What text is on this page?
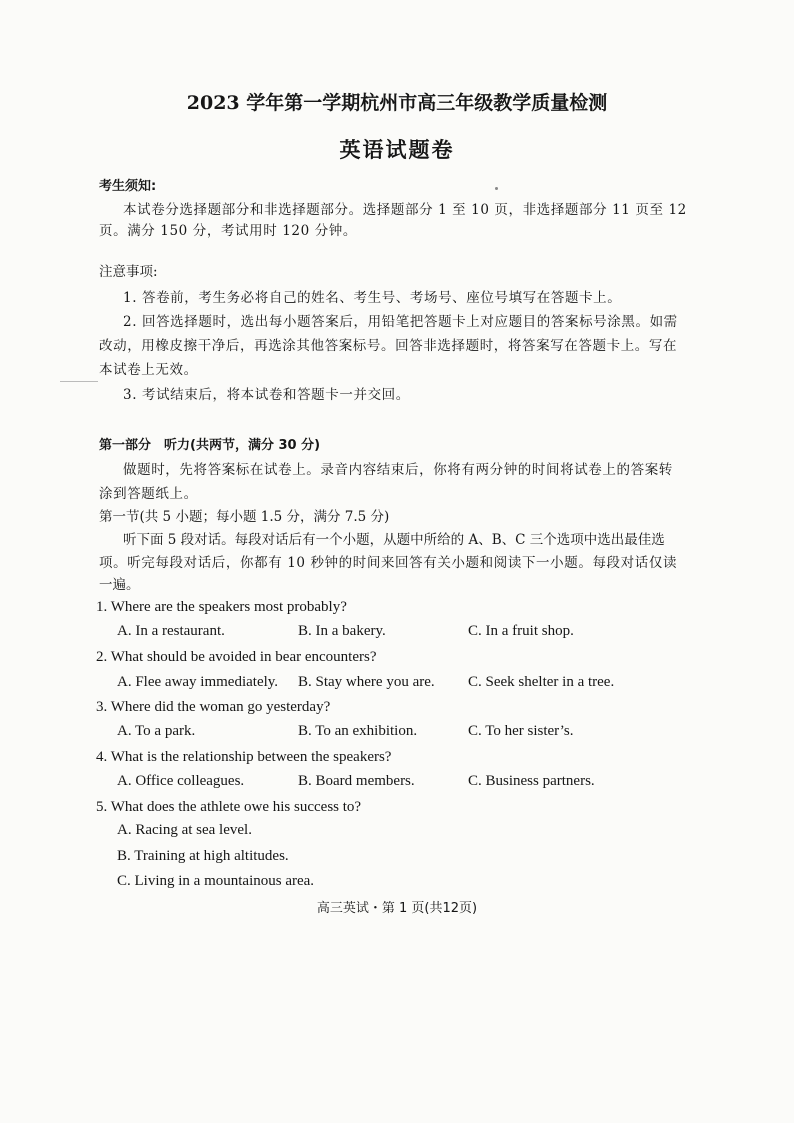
2023 学年第一学期杭州市高三年级教学质量检测
英语试题卷
考生须知:
本试卷分选择题部分和非选择题部分。选择题部分 1 至 10 页，非选择题部分 11 页至 12
页。满分 150 分，考试用时 120 分钟。
注意事项:
1. 答卷前，考生务必将自己的姓名、考生号、考场号、座位号填写在答题卡上。
2. 回答选择题时，选出每小题答案后，用铅笔把答题卡上对应题目的答案标号涂黑。如需
改动，用橡皮擦干净后，再选涂其他答案标号。回答非选择题时，将答案写在答题卡上。写在
本试卷上无效。
3. 考试结束后，将本试卷和答题卡一并交回。
第一部分　听力(共两节，满分 30 分)
做题时，先将答案标在试卷上。录音内容结束后，你将有两分钟的时间将试卷上的答案转
涂到答题纸上。
第一节(共 5 小题；每小题 1.5 分，满分 7.5 分)
听下面 5 段对话。每段对话后有一个小题，从题中所给的 A、B、C 三个选项中选出最佳选
项。听完每段对话后，你都有 10 秒钟的时间来回答有关小题和阅读下一小题。每段对话仅读
一遍。
1. Where are the speakers most probably?
A. In a restaurant.	B. In a bakery.	C. In a fruit shop.
2. What should be avoided in bear encounters?
A. Flee away immediately. B. Stay where you are. C. Seek shelter in a tree.
3. Where did the woman go yesterday?
A. To a park.	B. To an exhibition.	C. To her sister’s.
4. What is the relationship between the speakers?
A. Office colleagues.	B. Board members.	C. Business partners.
5. What does the athlete owe his success to?
A. Racing at sea level.
B. Training at high altitudes.
C. Living in a mountainous area.
高三英试・第 1 页(共12页)
